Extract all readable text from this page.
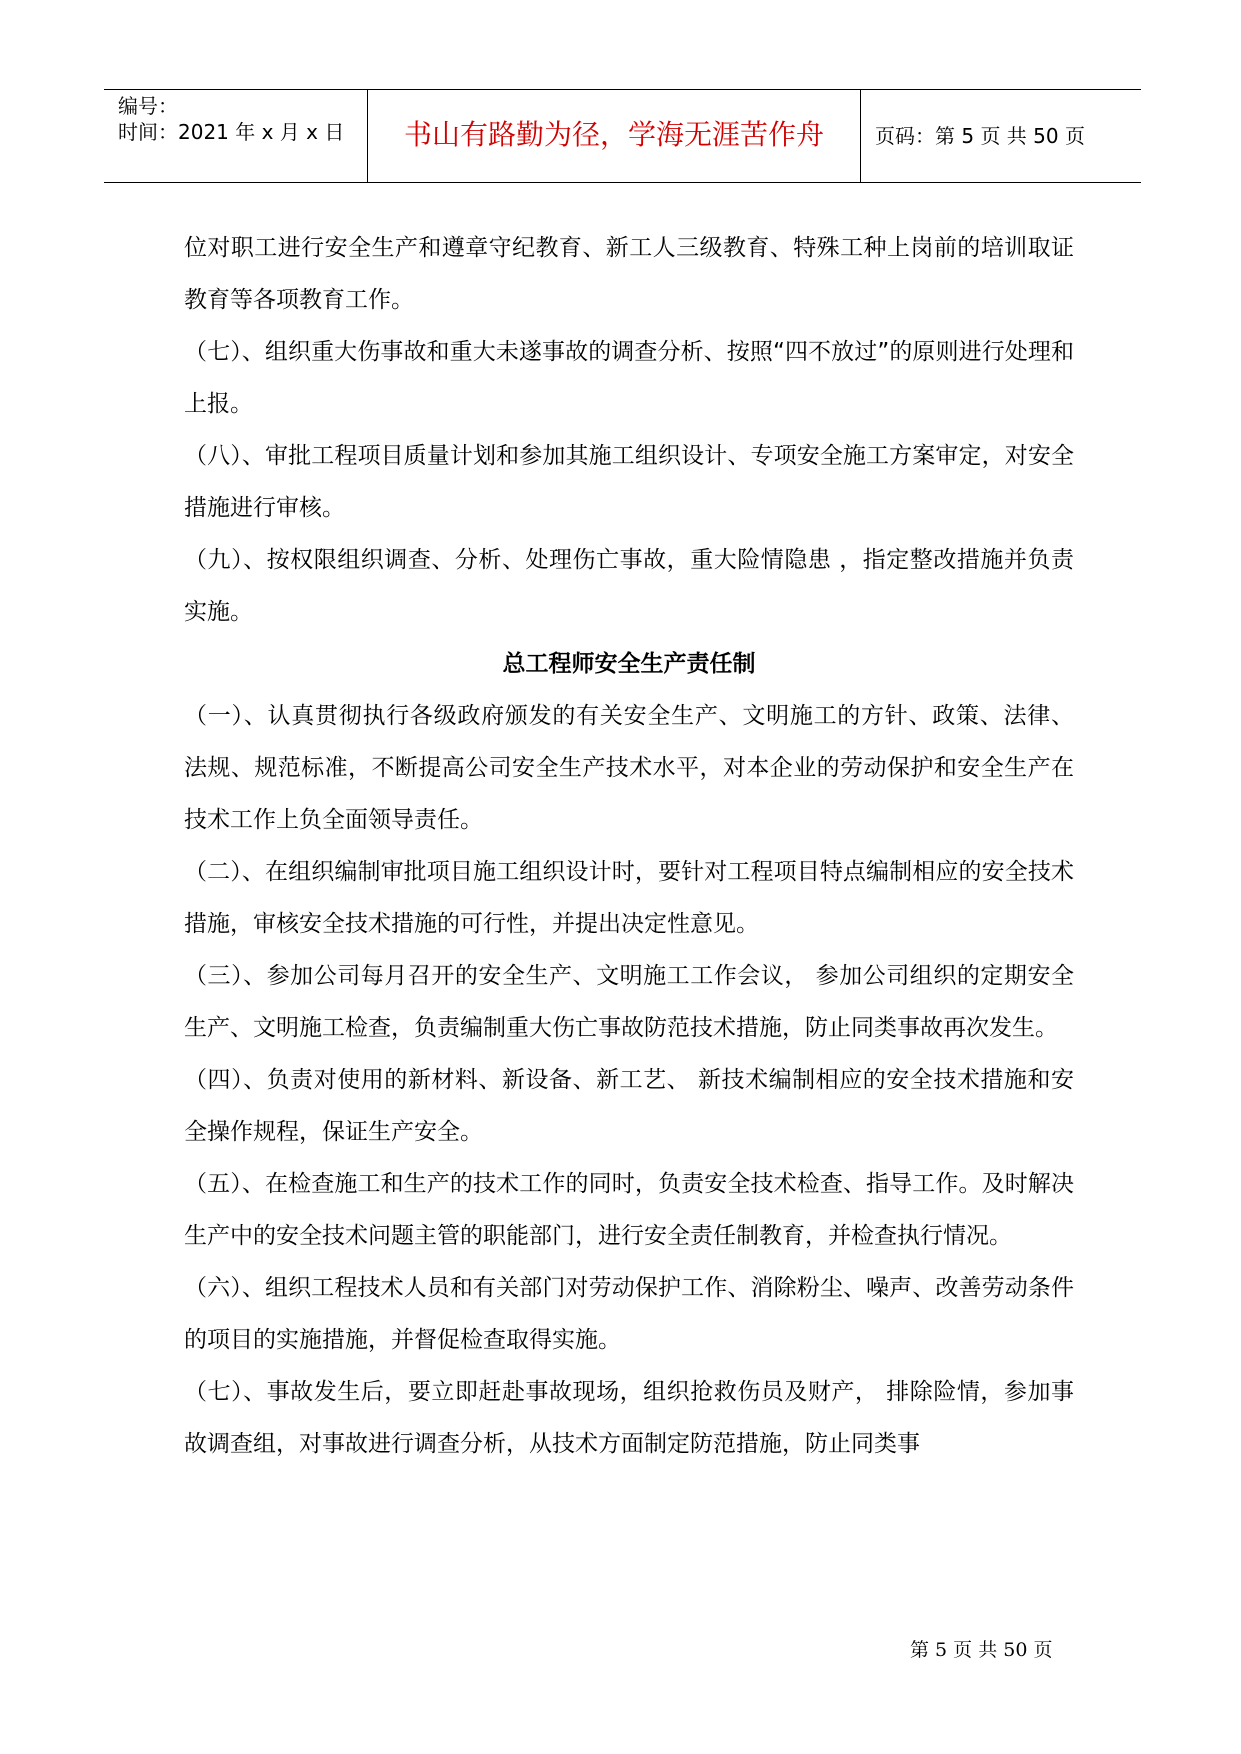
编号：
时间：2021 年 x 月 x 日	书山有路勤为径，学海无涯苦作舟	页码：第 5 页 共 50 页

位对职工进行安全生产和遵章守纪教育、新工人三级教育、特殊工种上岗前的培训取证教育等各项教育工作。

（七）、组织重大伤事故和重大未遂事故的调查分析、按照“四不放过”的原则进行处理和上报。

（八）、审批工程项目质量计划和参加其施工组织设计、专项安全施工方案审定，对安全措施进行审核。

（九）、按权限组织调查、分析、处理伤亡事故，重大险情隐患 ，指定整改措施并负责实施。

总工程师安全生产责任制

（一）、认真贯彻执行各级政府颁发的有关安全生产、文明施工的方针、政策、法律、 法规、规范标准，不断提高公司安全生产技术水平，对本企业的劳动保护和安全生产在技术工作上负全面领导责任。

（二）、在组织编制审批项目施工组织设计时，要针对工程项目特点编制相应的安全技术措施，审核安全技术措施的可行性，并提出决定性意见。

（三）、参加公司每月召开的安全生产、文明施工工作会议， 参加公司组织的定期安全生产、文明施工检查，负责编制重大伤亡事故防范技术措施，防止同类事故再次发生。

（四）、负责对使用的新材料、新设备、新工艺、 新技术编制相应的安全技术措施和安全操作规程，保证生产安全。

（五）、在检查施工和生产的技术工作的同时，负责安全技术检查、指导工作。及时解决生产中的安全技术问题主管的职能部门，进行安全责任制教育，并检查执行情况。

（六）、组织工程技术人员和有关部门对劳动保护工作、消除粉尘、噪声、改善劳动条件的项目的实施措施，并督促检查取得实施。

（七）、事故发生后，要立即赶赴事故现场，组织抢救伤员及财产， 排除险情，参加事故调查组，对事故进行调查分析，从技术方面制定防范措施，防止同类事

第 5 页 共 50 页
